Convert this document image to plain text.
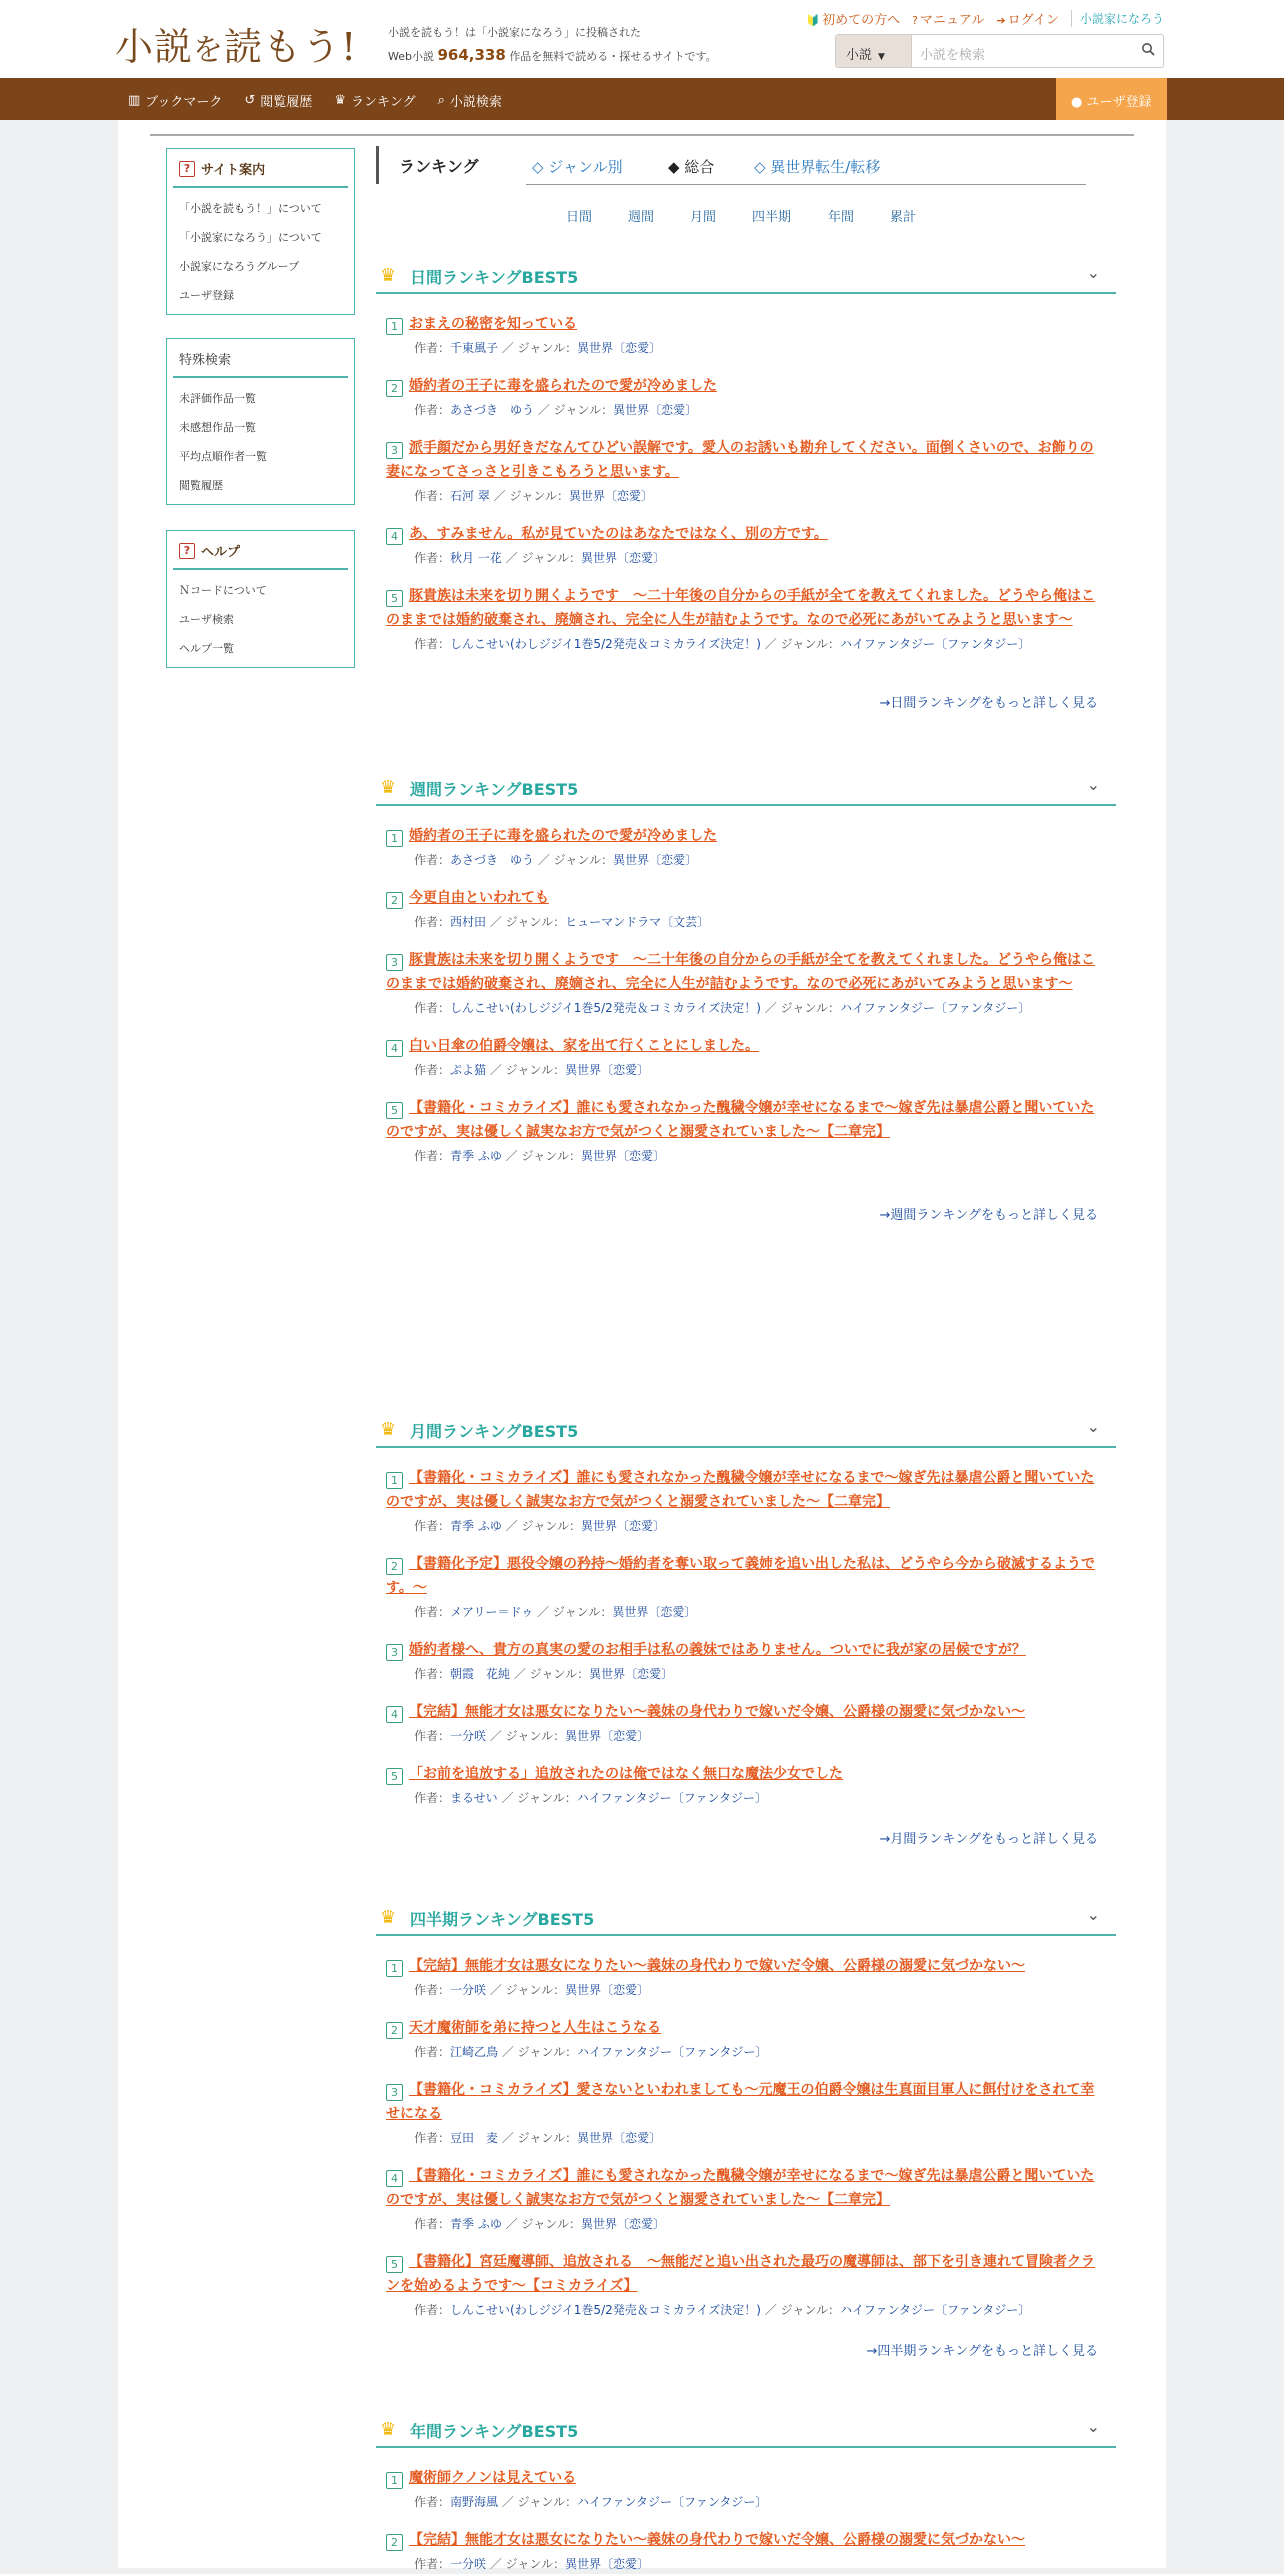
小説を読もう!	小説を読もう！は「小説家になろう」に投稿された
Web小説 964,338 作品を無料で読める・探せるサイトです。
🔰 初めての方へ ? マニュアル ➔ ログイン	小説家になろう
小説 ▼	小説を検索
▥ ブックマーク ↺ 閲覧履歴 ♛ ランキング ⌕ 小説検索	● ユーザ登録
? サイト案内
「小説を読もう！」について
「小説家になろう」について
小説家になろうグループ
ユーザ登録
特殊検索
未評価作品一覧
未感想作品一覧
平均点順作者一覧
閲覧履歴
? ヘルプ
Ｎコードについて
ユーザ検索
ヘルプ一覧
ランキング	◇ ジャンル別	◆ 総合	◇ 異世界転生/転移
日間	週間	月間	四半期	年間	累計
♛ 日間ランキングBEST5	⌄
1 おまえの秘密を知っている
作者：千東風子 ／ ジャンル：異世界〔恋愛〕
2 婚約者の王子に毒を盛られたので愛が冷めました
作者：あさづき　ゆう ／ ジャンル：異世界〔恋愛〕
3 派手顔だから男好きだなんてひどい誤解です。愛人のお誘いも勘弁してください。面倒くさいので、お飾りの妻になってさっさと引きこもろうと思います。
作者：石河 翠 ／ ジャンル：異世界〔恋愛〕
4 あ、すみません。私が見ていたのはあなたではなく、別の方です。
作者：秋月 一花 ／ ジャンル：異世界〔恋愛〕
5 豚貴族は未来を切り開くようです　～二十年後の自分からの手紙が全てを教えてくれました。どうやら俺はこのままでは婚約破棄され、廃嫡され、完全に人生が詰むようです。なので必死にあがいてみようと思います～
作者：しんこせい(わしジジイ1巻5/2発売＆コミカライズ決定！) ／ ジャンル：ハイファンタジー〔ファンタジー〕
→日間ランキングをもっと詳しく見る
♛ 週間ランキングBEST5	⌄
1 婚約者の王子に毒を盛られたので愛が冷めました
作者：あさづき　ゆう ／ ジャンル：異世界〔恋愛〕
2 今更自由といわれても
作者：西村田 ／ ジャンル：ヒューマンドラマ〔文芸〕
3 豚貴族は未来を切り開くようです　～二十年後の自分からの手紙が全てを教えてくれました。どうやら俺はこのままでは婚約破棄され、廃嫡され、完全に人生が詰むようです。なので必死にあがいてみようと思います～
作者：しんこせい(わしジジイ1巻5/2発売＆コミカライズ決定！) ／ ジャンル：ハイファンタジー〔ファンタジー〕
4 白い日傘の伯爵令嬢は、家を出て行くことにしました。
作者：ぷよ猫 ／ ジャンル：異世界〔恋愛〕
5 【書籍化・コミカライズ】誰にも愛されなかった醜穢令嬢が幸せになるまで〜嫁ぎ先は暴虐公爵と聞いていたのですが、実は優しく誠実なお方で気がつくと溺愛されていました〜【二章完】
作者：青季 ふゆ ／ ジャンル：異世界〔恋愛〕
→週間ランキングをもっと詳しく見る
♛ 月間ランキングBEST5	⌄
1 【書籍化・コミカライズ】誰にも愛されなかった醜穢令嬢が幸せになるまで〜嫁ぎ先は暴虐公爵と聞いていたのですが、実は優しく誠実なお方で気がつくと溺愛されていました〜【二章完】
作者：青季 ふゆ ／ ジャンル：異世界〔恋愛〕
2 【書籍化予定】悪役令嬢の矜持〜婚約者を奪い取って義姉を追い出した私は、どうやら今から破滅するようです。〜
作者：メアリー＝ドゥ ／ ジャンル：異世界〔恋愛〕
3 婚約者様へ、貴方の真実の愛のお相手は私の義妹ではありません。ついでに我が家の居候ですが？
作者：朝霞　花純 ／ ジャンル：異世界〔恋愛〕
4 【完結】無能才女は悪女になりたい～義妹の身代わりで嫁いだ令嬢、公爵様の溺愛に気づかない～
作者：一分咲 ／ ジャンル：異世界〔恋愛〕
5 「お前を追放する」追放されたのは俺ではなく無口な魔法少女でした
作者：まるせい ／ ジャンル：ハイファンタジー〔ファンタジー〕
→月間ランキングをもっと詳しく見る
♛ 四半期ランキングBEST5	⌄
1 【完結】無能才女は悪女になりたい～義妹の身代わりで嫁いだ令嬢、公爵様の溺愛に気づかない～
作者：一分咲 ／ ジャンル：異世界〔恋愛〕
2 天才魔術師を弟に持つと人生はこうなる
作者：江崎乙鳥 ／ ジャンル：ハイファンタジー〔ファンタジー〕
3 【書籍化・コミカライズ】愛さないといわれましても～元魔王の伯爵令嬢は生真面目軍人に餌付けをされて幸せになる
作者：豆田　麦 ／ ジャンル：異世界〔恋愛〕
4 【書籍化・コミカライズ】誰にも愛されなかった醜穢令嬢が幸せになるまで〜嫁ぎ先は暴虐公爵と聞いていたのですが、実は優しく誠実なお方で気がつくと溺愛されていました〜【二章完】
作者：青季 ふゆ ／ ジャンル：異世界〔恋愛〕
5 【書籍化】宮廷魔導師、追放される　～無能だと追い出された最巧の魔導師は、部下を引き連れて冒険者クランを始めるようです～【コミカライズ】
作者：しんこせい(わしジジイ1巻5/2発売＆コミカライズ決定！) ／ ジャンル：ハイファンタジー〔ファンタジー〕
→四半期ランキングをもっと詳しく見る
♛ 年間ランキングBEST5	⌄
1 魔術師クノンは見えている
作者：南野海風 ／ ジャンル：ハイファンタジー〔ファンタジー〕
2 【完結】無能才女は悪女になりたい～義妹の身代わりで嫁いだ令嬢、公爵様の溺愛に気づかない～
作者：一分咲 ／ ジャンル：異世界〔恋愛〕
